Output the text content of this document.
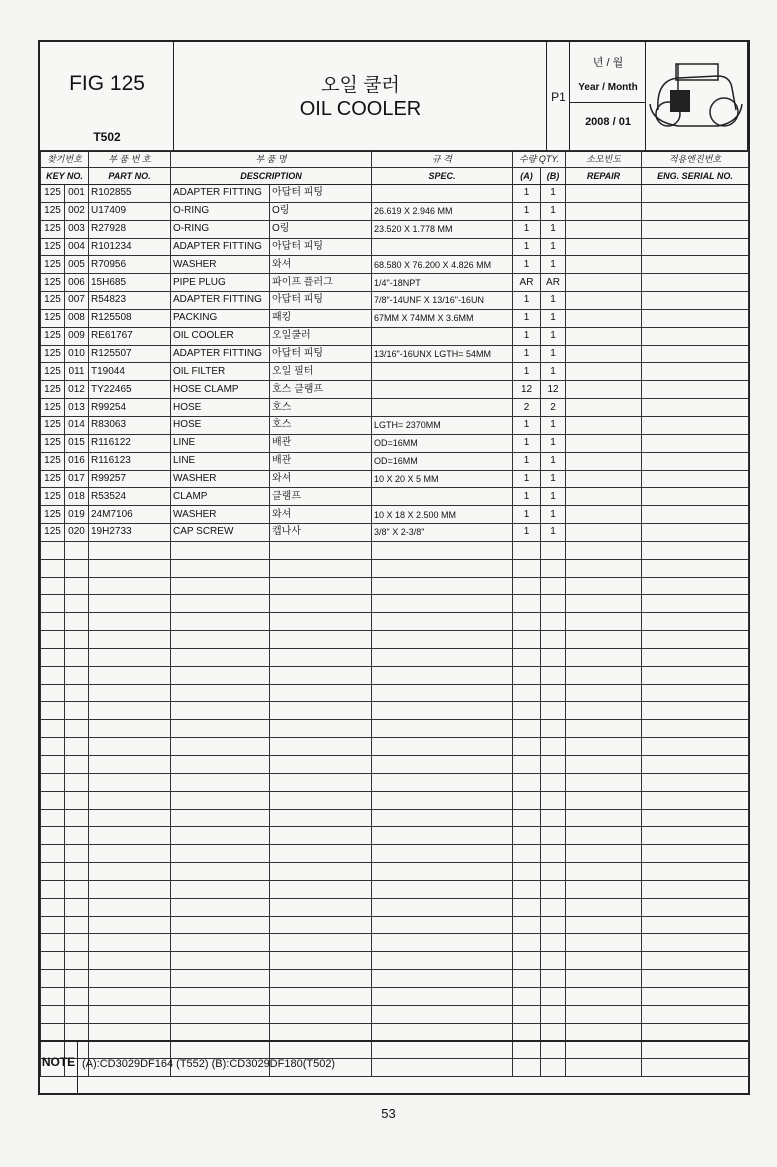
FIG 125
T502
오일 쿨러
OIL COOLER
P1
년 / 월
Year / Month
2008 / 01
찾기번호		부 품 번 호	부 품 명		규 격	수량 QTY.		소모빈도	적용엔진번호
KEY NO.		PART NO.	DESCRIPTION		SPEC.	(A)	(B)	REPAIR	ENG. SERIAL NO.
125	001	R102855	ADAPTER FITTING	아답터 피팅		1	1		
125	002	U17409	O-RING	O링	26.619 X 2.946 MM	1	1		
125	003	R27928	O-RING	O링	23.520 X 1.778 MM	1	1		
125	004	R101234	ADAPTER FITTING	아답터 피팅		1	1		
125	005	R70956	WASHER	와셔	68.580 X 76.200 X 4.826 MM	1	1		
125	006	15H685	PIPE PLUG	파이프 플러그	1/4"-18NPT	AR	AR		
125	007	R54823	ADAPTER FITTING	아답터 피팅	7/8"-14UNF X 13/16"-16UN	1	1		
125	008	R125508	PACKING	패킹	67MM X 74MM X 3.6MM	1	1		
125	009	RE61767	OIL COOLER	오일쿨러		1	1		
125	010	R125507	ADAPTER FITTING	아답터 피팅	13/16"-16UNX LGTH= 54MM	1	1		
125	011	T19044	OIL FILTER	오일 필터		1	1		
125	012	TY22465	HOSE CLAMP	호스 클램프		12	12		
125	013	R99254	HOSE	호스		2	2		
125	014	R83063	HOSE	호스	LGTH= 2370MM	1	1		
125	015	R116122	LINE	배관	OD=16MM	1	1		
125	016	R116123	LINE	배관	OD=16MM	1	1		
125	017	R99257	WASHER	와셔	10 X 20 X 5 MM	1	1		
125	018	R53524	CLAMP	클램프		1	1		
125	019	24M7106	WASHER	와셔	10 X 18 X 2.500 MM	1	1		
125	020	19H2733	CAP SCREW	캡나사	3/8" X 2-3/8"	1	1		

NOTE (A):CD3029DF164 (T552) (B):CD3029DF180(T502)
53
